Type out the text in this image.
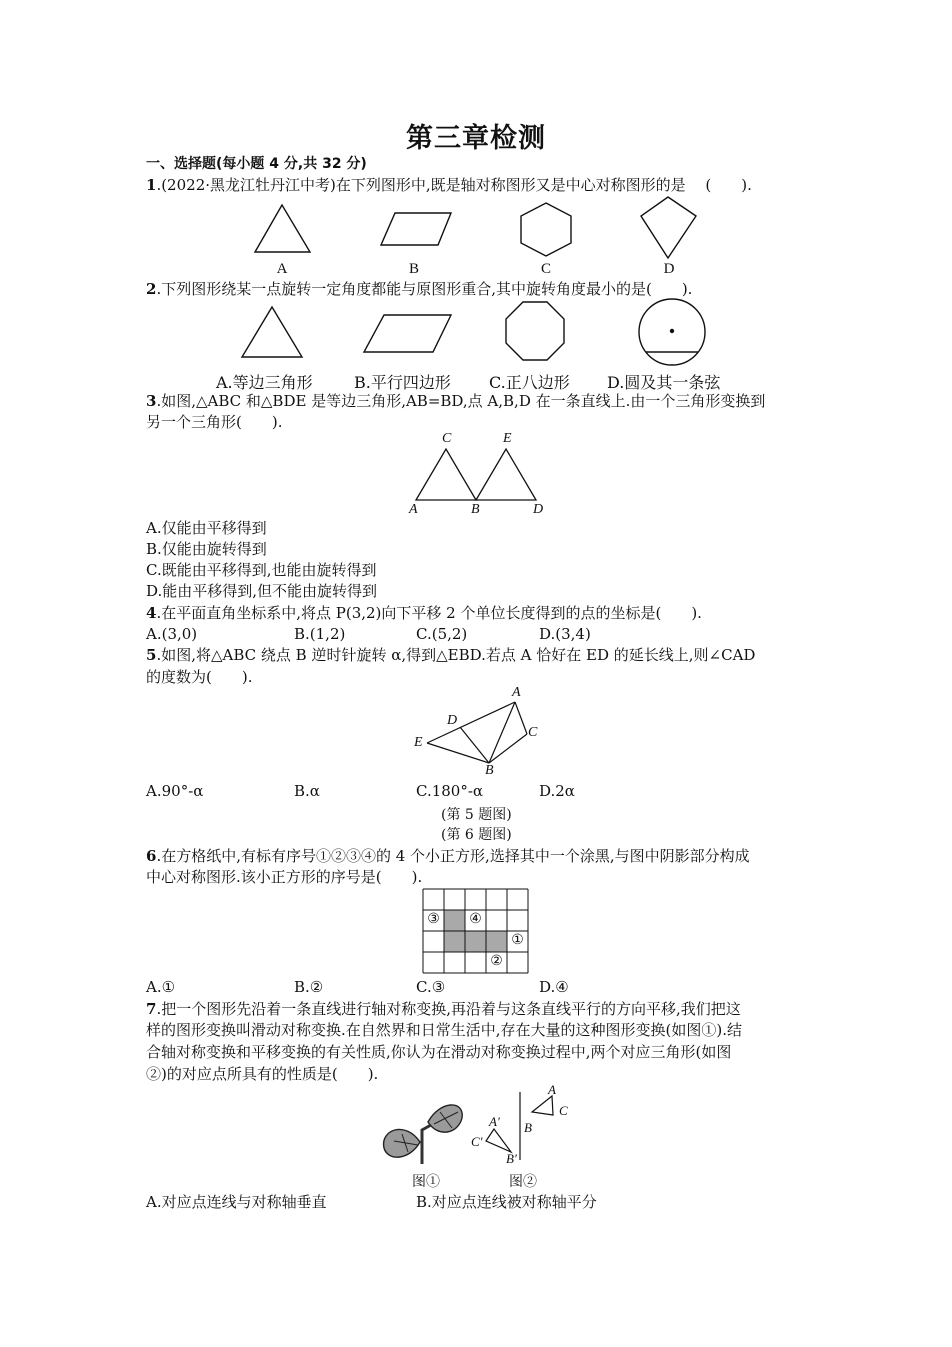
第三章检测
一、选择题(每小题 4 分,共 32 分)
1.(2022·黑龙江牡丹江中考)在下列图形中,既是轴对称图形又是中心对称图形的是　 (　　).
A	B	C	D
2.下列图形绕某一点旋转一定角度都能与原图形重合,其中旋转角度最小的是(　　).
A.等边三角形	B.平行四边形 C.正八边形 D.圆及其一条弦
3.如图,△ABC 和△BDE 是等边三角形,AB=BD,点 A,B,D 在一条直线上.由一个三角形变换到
另一个三角形(　　).
C	E
A	B	D
A.仅能由平移得到
B.仅能由旋转得到
C.既能由平移得到,也能由旋转得到
D.能由平移得到,但不能由旋转得到
4.在平面直角坐标系中,将点 P(3,2)向下平移 2 个单位长度得到的点的坐标是(　　).
A.(3,0)	B.(1,2)	C.(5,2)	D.(3,4)
5.如图,将△ABC 绕点 B 逆时针旋转 α,得到△EBD.若点 A 恰好在 ED 的延长线上,则∠CAD
的度数为(　　).
A
D
C
E
B
A.90°-α	B.α	C.180°-α	D.2α
(第 5 题图)
(第 6 题图)
6.在方格纸中,有标有序号①②③④的 4 个小正方形,选择其中一个涂黑,与图中阴影部分构成
中心对称图形.该小正方形的序号是(　　).
③	④
①
②
A.①	B.②	C.③	D.④
7.把一个图形先沿着一条直线进行轴对称变换,再沿着与这条直线平行的方向平移,我们把这
样的图形变换叫滑动对称变换.在自然界和日常生活中,存在大量的这种图形变换(如图①).结
合轴对称变换和平移变换的有关性质,你认为在滑动对称变换过程中,两个对应三角形(如图
②)的对应点所具有的性质是(　　).
A
C
B
A′
C′
B′
图①	图②
A.对应点连线与对称轴垂直	B.对应点连线被对称轴平分
